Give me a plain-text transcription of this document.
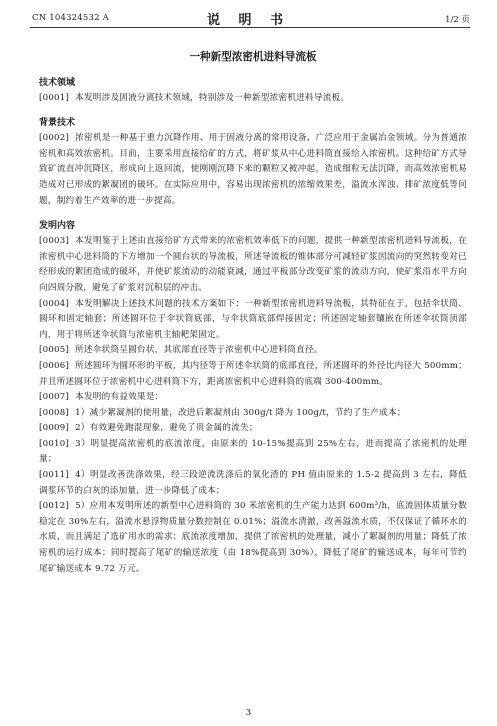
CN 104324532 A	说 明 书	1/2 页
一种新型浓密机进料导流板
技术领域

[0001] 本发明涉及固液分离技术领域，特别涉及一种新型浓密机进料导流板。

背景技术

[0002] 浓密机是一种基于重力沉降作用、用于固液分离的常用设备，广泛应用于金属冶金领域。分为普通浓密机和高效浓密机。目前，主要采用直接给矿的方式，将矿浆从中心进料筒直接给入浓密机。这种给矿方式导致矿流直冲沉降区，形成向上返回流，使刚刚沉降下来的颗粒又被冲起，造成细粒无法沉降，而高效浓密机易造成对已形成的絮凝团的破坏。在实际应用中，容易出现浓密机的浓缩效果差，溢流水浑浊、排矿浓度低等问题，制约着生产效率的进一步提高。

发明内容

[0003] 本发明鉴于上述由直接给矿方式带来的浓密机效率低下的问题，提供一种新型浓密机进料导流板，在浓密机中心进料筒的下方增加一个圆台状的导流板，所述导流板的锥体部分可减轻矿浆因流向的突然转变对已经形成的絮团造成的破坏，并使矿浆流动的动能衰减，通过平板部分改变矿浆的流动方向，使矿浆沿水平方向向四周分散，避免了矿浆对沉积层的冲击。

[0004] 本发明解决上述技术问题的技术方案如下：一种新型浓密机进料导流板，其特征在于，包括伞状筒、圆环和固定轴套；所述圆环位于伞状筒底部，与伞状筒底部焊接固定；所述固定轴套镶嵌在所述伞状筒顶部内，用于将所述伞状筒与浓密机主轴耙架固定。

[0005] 所述伞状筒呈圆台状，其底部直径等于浓密机中心进料筒直径。

[0006] 所述圆环为圆环形的平板，其内径等于所述伞状筒的底部直径，所述圆环的外径比内径大 500mm；并且所述圆环位于浓密机中心进料筒下方，距离浓密机中心进料筒的底端 300-400mm。

[0007] 本发明的有益效果是：

[0008] 1）减少絮凝剂的使用量，改进后絮凝剂由 300g/t 降为 100g/t，节约了生产成本；

[0009] 2）有效避免跑混现象，避免了贵金属的流失；

[0010] 3）明显提高浓密机的底流浓度，由原来的 10-15%提高到 25%左右，进而提高了浓密机的处理量；

[0011] 4）明显改善洗涤效果，经三段逆流洗涤后的氧化渣的 PH 值由原来的 1.5-2 提高到 3 左右，降低调浆环节的白灰的添加量，进一步降低了成本；

[0012] 5）应用本发明所述的新型中心进料筒的 30 米浓密机的生产能力达到 600m³/h，底流固体质量分数稳定在 30%左右，溢流水悬浮物质量分数控制在 0.01%；溢流水清澈，改善溢流水质，不仅保证了循环水的水质，而且满足了选矿用水的需求；底流浓度增加，提供了浓密机的处理量，减小了絮凝剂的用量；降低了浓密机的运行成本；同时提高了尾矿的输送浓度（由 18%提高到 30%），降低了尾矿的输送成本，每年可节约尾矿输送成本 9.72 万元。

3
